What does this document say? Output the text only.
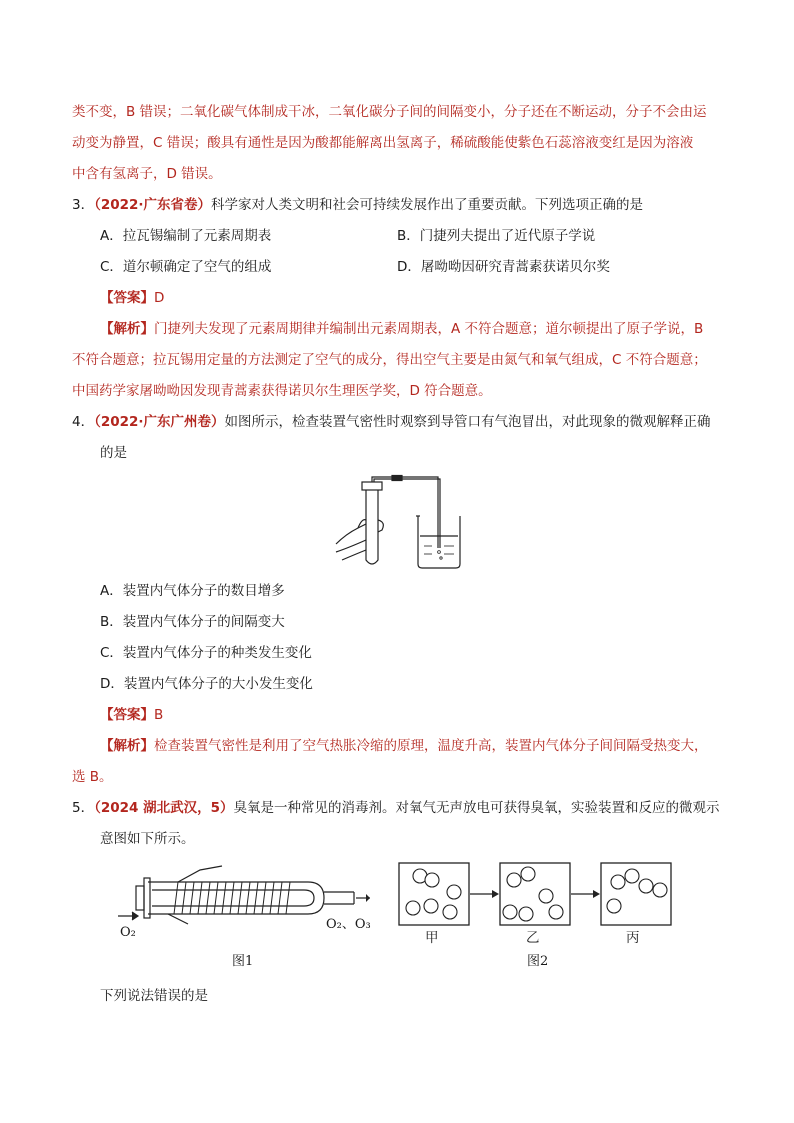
类不变，B 错误；二氧化碳气体制成干冰，二氧化碳分子间的间隔变小，分子还在不断运动，分子不会由运
动变为静置，C 错误；酸具有通性是因为酸都能解离出氢离子，稀硫酸能使紫色石蕊溶液变红是因为溶液
中含有氢离子，D 错误。
3．（2022·广东省卷）科学家对人类文明和社会可持续发展作出了重要贡献。下列选项正确的是
A．拉瓦锡编制了元素周期表	B．门捷列夫提出了近代原子学说
C．道尔顿确定了空气的组成	D．屠呦呦因研究青蒿素获诺贝尔奖
【答案】D
【解析】门捷列夫发现了元素周期律并编制出元素周期表，A 不符合题意；道尔顿提出了原子学说，B
不符合题意；拉瓦锡用定量的方法测定了空气的成分，得出空气主要是由氮气和氧气组成，C 不符合题意；
中国药学家屠呦呦因发现青蒿素获得诺贝尔生理医学奖，D 符合题意。
4．（2022·广东广州卷）如图所示，检查装置气密性时观察到导管口有气泡冒出，对此现象的微观解释正确
的是
A．装置内气体分子的数目增多
B．装置内气体分子的间隔变大
C．装置内气体分子的种类发生变化
D．装置内气体分子的大小发生变化
【答案】B
【解析】检查装置气密性是利用了空气热胀冷缩的原理，温度升高，装置内气体分子间间隔受热变大，
选 B。
5．（2024 湖北武汉，5）臭氧是一种常见的消毒剂。对氧气无声放电可获得臭氧，实验装置和反应的微观示
意图如下所示。
O₂
O₂、O₃
图1
甲	乙	丙
图2
下列说法错误的是
